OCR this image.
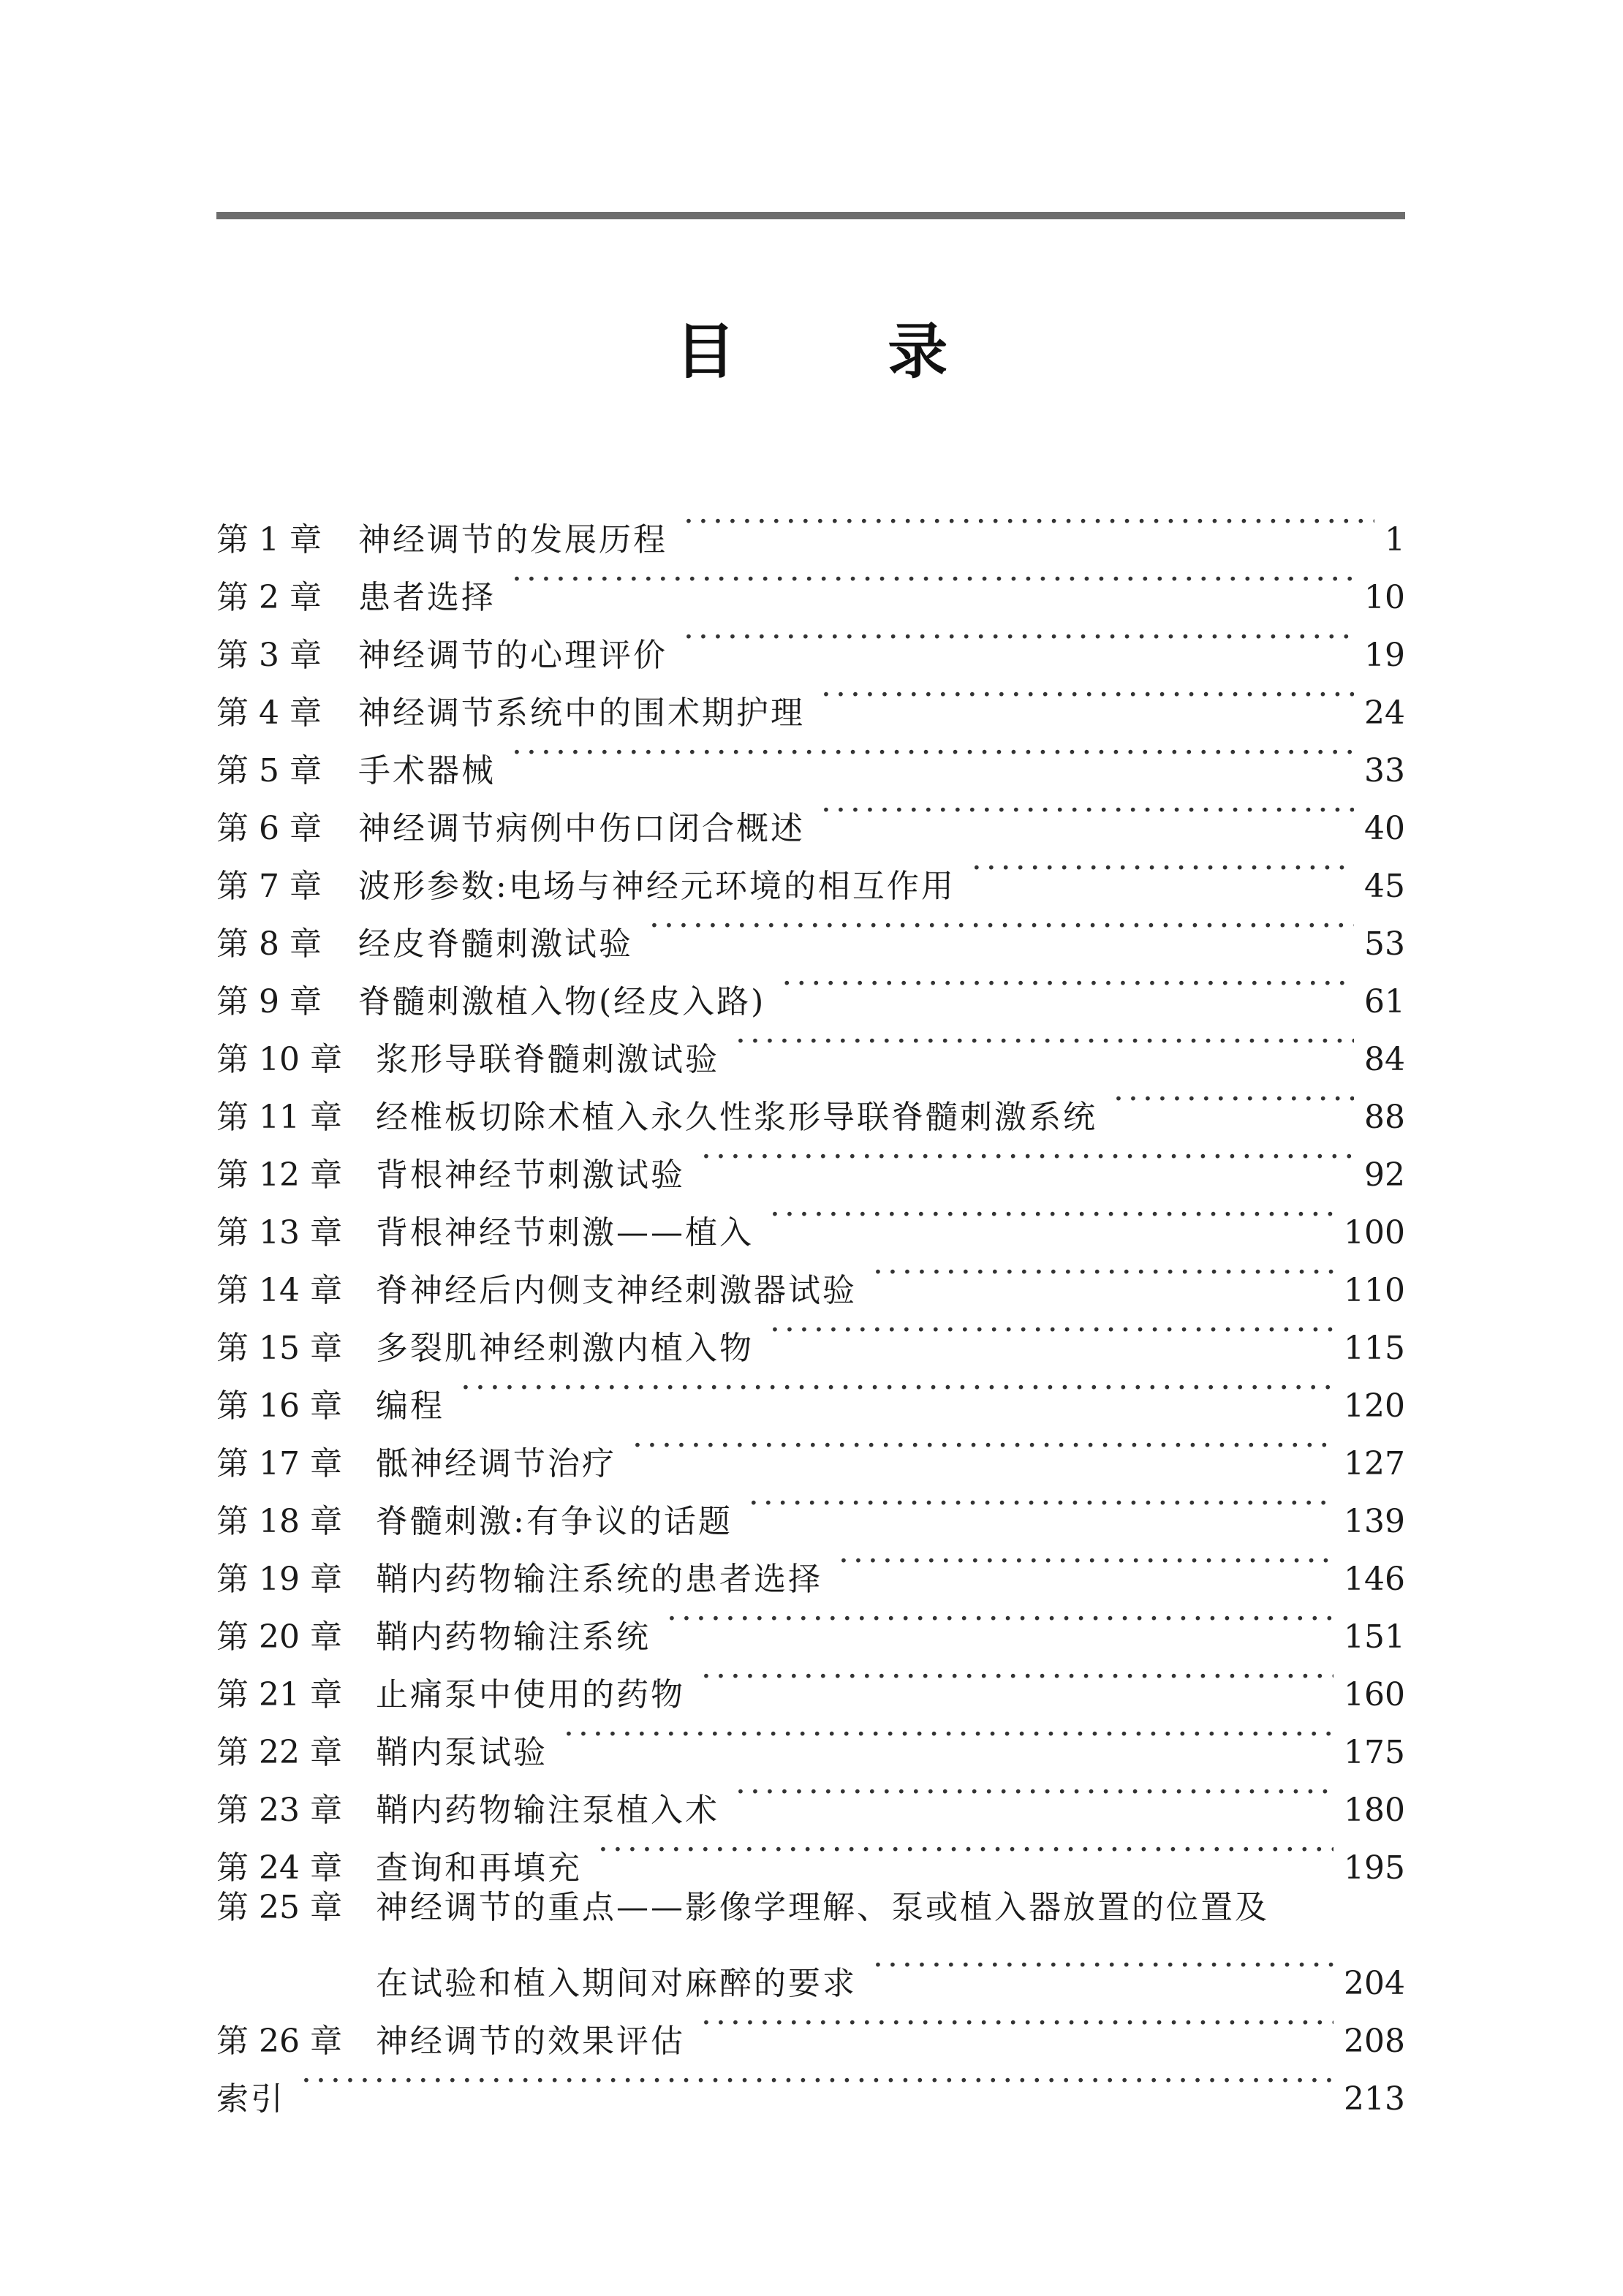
目 录
第 1 章	神经调节的发展历程 ·····	1
第 2 章	患者选择 ·····	10
第 3 章	神经调节的心理评价 ·····	19
第 4 章	神经调节系统中的围术期护理 ·····	24
第 5 章	手术器械 ·····	33
第 6 章	神经调节病例中伤口闭合概述 ·····	40
第 7 章	波形参数:电场与神经元环境的相互作用 ·····	45
第 8 章	经皮脊髓刺激试验 ·····	53
第 9 章	脊髓刺激植入物(经皮入路) ·····	61
第 10 章	浆形导联脊髓刺激试验 ·····	84
第 11 章	经椎板切除术植入永久性浆形导联脊髓刺激系统 ·····	88
第 12 章	背根神经节刺激试验 ·····	92
第 13 章	背根神经节刺激——植入 ·····	100
第 14 章	脊神经后内侧支神经刺激器试验 ·····	110
第 15 章	多裂肌神经刺激内植入物 ·····	115
第 16 章	编程 ·····	120
第 17 章	骶神经调节治疗 ·····	127
第 18 章	脊髓刺激:有争议的话题 ·····	139
第 19 章	鞘内药物输注系统的患者选择 ·····	146
第 20 章	鞘内药物输注系统 ·····	151
第 21 章	止痛泵中使用的药物 ·····	160
第 22 章	鞘内泵试验 ·····	175
第 23 章	鞘内药物输注泵植入术 ·····	180
第 24 章	查询和再填充 ·····	195
第 25 章	神经调节的重点——影像学理解、泵或植入器放置的位置及
在试验和植入期间对麻醉的要求 ·····	204
第 26 章	神经调节的效果评估 ·····	208
索引 ·····	213
